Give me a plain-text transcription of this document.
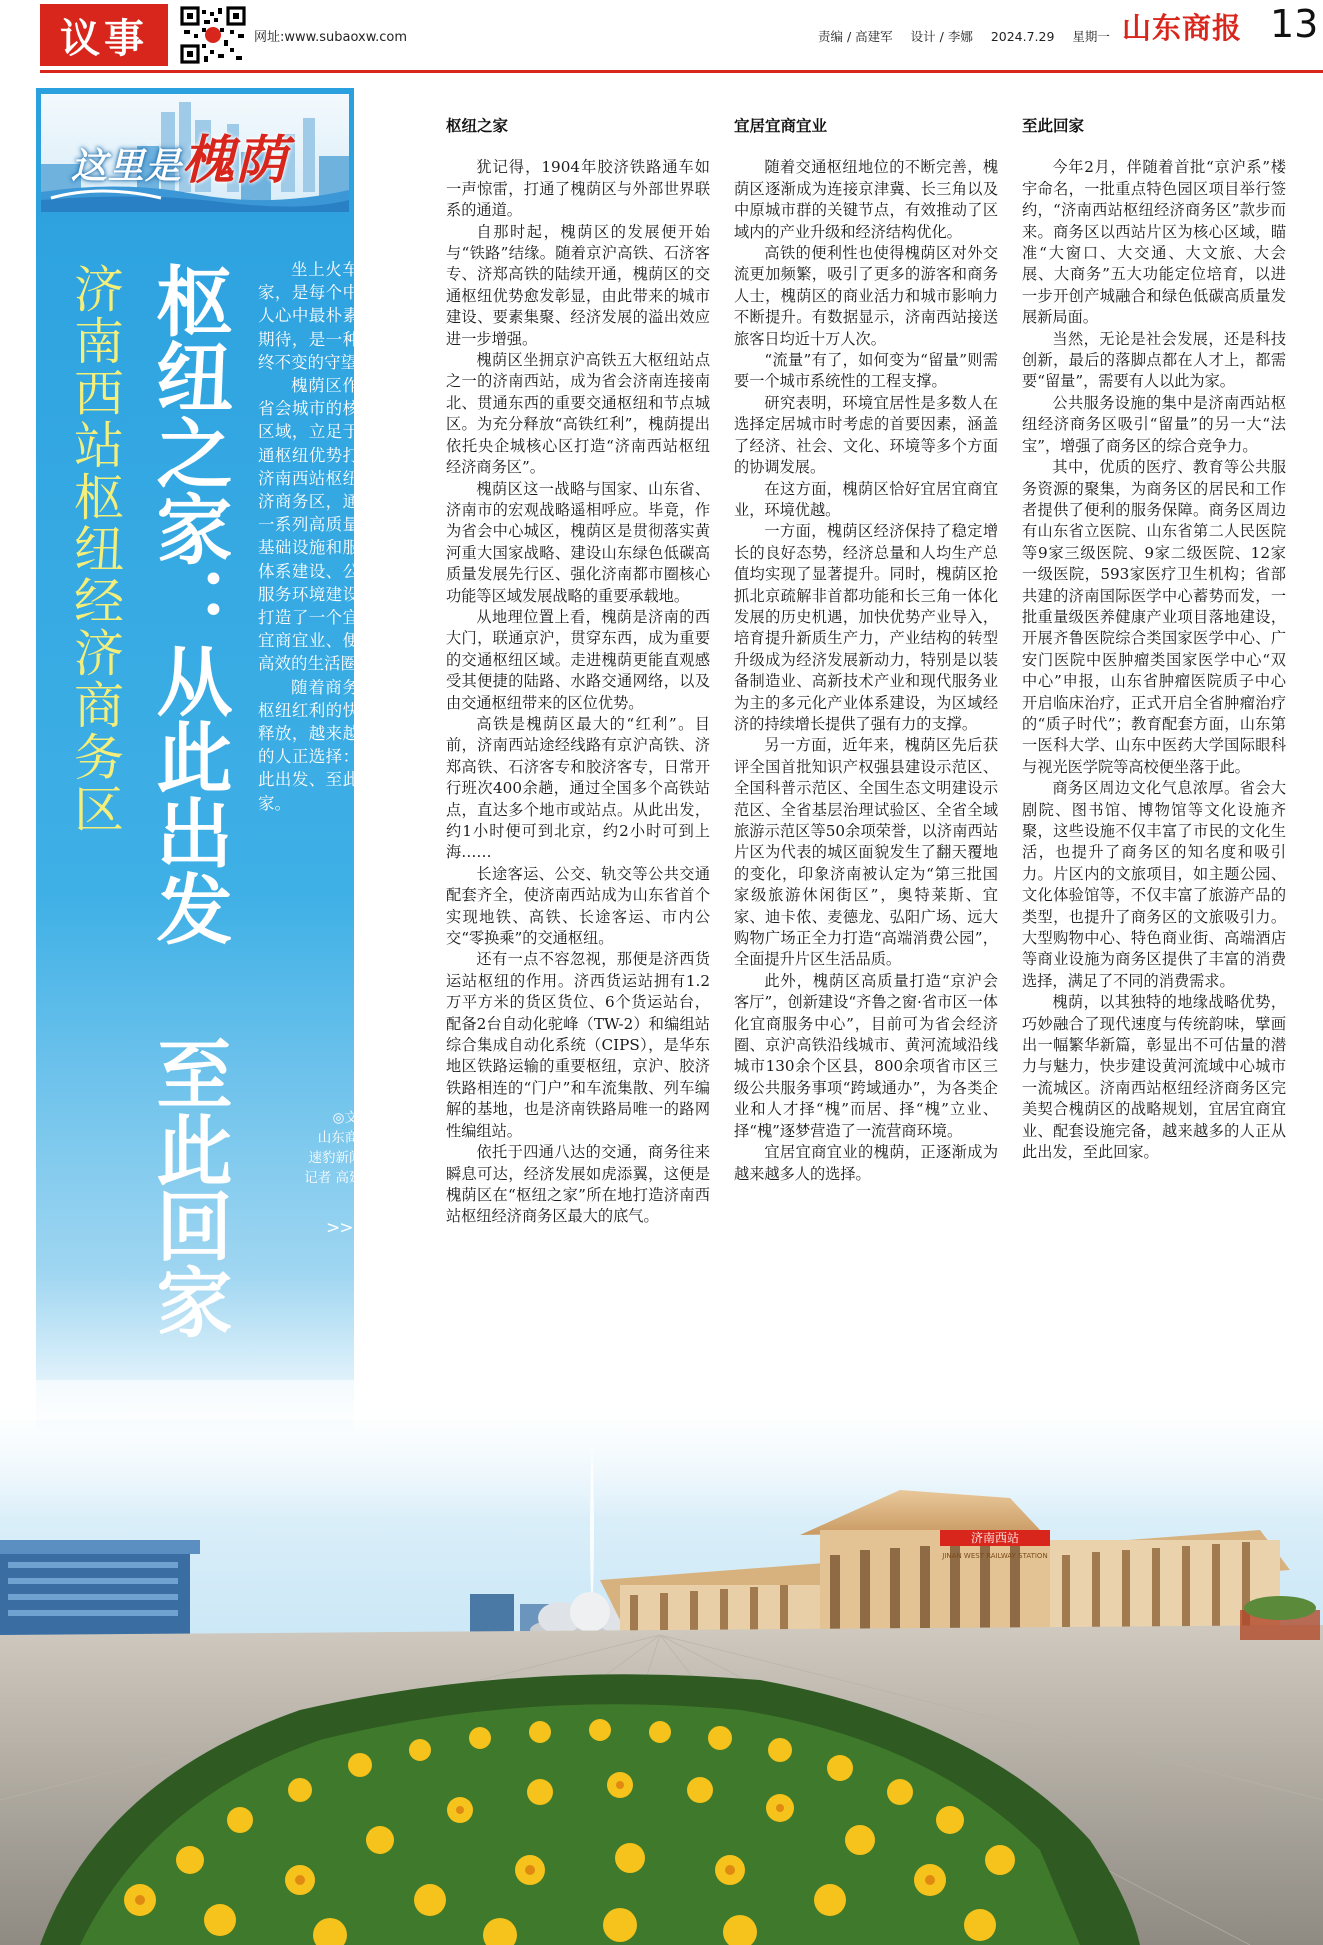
议事	网址:www.subaoxw.com	责编 / 高建军 设计 / 李娜 2024.7.29 星期一 山东商报 13
这里是槐荫
济南西站枢纽经济商务区 枢纽之家：从此出发 至此回家	坐上火车回家，是每个中国人心中最朴素的期待，是一种始终不变的守望。

槐荫区作为省会城市的核心区域，立足于交通枢纽优势打造济南西站枢纽经济商务区，通过一系列高质量的基础设施和服务体系建设、公共服务环境建设，打造了一个宜居宜商宜业、便利高效的生活圈。

随着商务区枢纽红利的快速释放，越来越多的人正选择：从此出发、至此回家。

◎文/图
山东商报·
速豹新闻网
记者 高建军
>>>
枢纽之家

犹记得，1904年胶济铁路通车如一声惊雷，打通了槐荫区与外部世界联系的通道。

自那时起，槐荫区的发展便开始与“铁路”结缘。随着京沪高铁、石济客专、济郑高铁的陆续开通，槐荫区的交通枢纽优势愈发彰显，由此带来的城市建设、要素集聚、经济发展的溢出效应进一步增强。

槐荫区坐拥京沪高铁五大枢纽站点之一的济南西站，成为省会济南连接南北、贯通东西的重要交通枢纽和节点城区。为充分释放“高铁红利”，槐荫提出依托央企城核心区打造“济南西站枢纽经济商务区”。

槐荫区这一战略与国家、山东省、济南市的宏观战略遥相呼应。毕竟，作为省会中心城区，槐荫区是贯彻落实黄河重大国家战略、建设山东绿色低碳高质量发展先行区、强化济南都市圈核心功能等区域发展战略的重要承载地。

从地理位置上看，槐荫是济南的西大门，联通京沪，贯穿东西，成为重要的交通枢纽区域。走进槐荫更能直观感受其便捷的陆路、水路交通网络，以及由交通枢纽带来的区位优势。

高铁是槐荫区最大的“红利”。目前，济南西站途经线路有京沪高铁、济郑高铁、石济客专和胶济客专，日常开行班次400余趟，通过全国多个高铁站点，直达多个地市或站点。从此出发，约1小时便可到北京，约2小时可到上海……

长途客运、公交、轨交等公共交通配套齐全，使济南西站成为山东省首个实现地铁、高铁、长途客运、市内公交“零换乘”的交通枢纽。

还有一点不容忽视，那便是济西货运站枢纽的作用。济西货运站拥有1.2万平方米的货区货位、6个货运站台，配备2台自动化驼峰（TW-2）和编组站综合集成自动化系统（CIPS），是华东地区铁路运输的重要枢纽，京沪、胶济铁路相连的“门户”和车流集散、列车编解的基地，也是济南铁路局唯一的路网性编组站。

依托于四通八达的交通，商务往来瞬息可达，经济发展如虎添翼，这便是槐荫区在“枢纽之家”所在地打造济南西站枢纽经济商务区最大的底气。

宜居宜商宜业

随着交通枢纽地位的不断完善，槐荫区逐渐成为连接京津冀、长三角以及中原城市群的关键节点，有效推动了区域内的产业升级和经济结构优化。

高铁的便利性也使得槐荫区对外交流更加频繁，吸引了更多的游客和商务人士，槐荫区的商业活力和城市影响力不断提升。有数据显示，济南西站接送旅客日均近十万人次。

“流量”有了，如何变为“留量”则需要一个城市系统性的工程支撑。

研究表明，环境宜居性是多数人在选择定居城市时考虑的首要因素，涵盖了经济、社会、文化、环境等多个方面的协调发展。

在这方面，槐荫区恰好宜居宜商宜业，环境优越。

一方面，槐荫区经济保持了稳定增长的良好态势，经济总量和人均生产总值均实现了显著提升。同时，槐荫区抢抓北京疏解非首都功能和长三角一体化发展的历史机遇，加快优势产业导入，培育提升新质生产力，产业结构的转型升级成为经济发展新动力，特别是以装备制造业、高新技术产业和现代服务业为主的多元化产业体系建设，为区域经济的持续增长提供了强有力的支撑。

另一方面，近年来，槐荫区先后获评全国首批知识产权强县建设示范区、全国科普示范区、全国生态文明建设示范区、全省基层治理试验区、全省全域旅游示范区等50余项荣誉，以济南西站片区为代表的城区面貌发生了翻天覆地的变化，印象济南被认定为“第三批国家级旅游休闲街区”，奥特莱斯、宜家、迪卡侬、麦德龙、弘阳广场、远大购物广场正全力打造“高端消费公园”，全面提升片区生活品质。

此外，槐荫区高质量打造“京沪会客厅”，创新建设“齐鲁之窗·省市区一体化宜商服务中心”，目前可为省会经济圈、京沪高铁沿线城市、黄河流域沿线城市130余个区县，800余项省市区三级公共服务事项“跨域通办”，为各类企业和人才择“槐”而居、择“槐”立业、择“槐”逐梦营造了一流营商环境。

宜居宜商宜业的槐荫，正逐渐成为越来越多人的选择。

至此回家

今年2月，伴随着首批“京沪系”楼宇命名，一批重点特色园区项目举行签约，“济南西站枢纽经济商务区”款步而来。商务区以西站片区为核心区域，瞄准“大窗口、大交通、大文旅、大会展、大商务”五大功能定位培育，以进一步开创产城融合和绿色低碳高质量发展新局面。

当然，无论是社会发展，还是科技创新，最后的落脚点都在人才上，都需要“留量”，需要有人以此为家。

公共服务设施的集中是济南西站枢纽经济商务区吸引“留量”的另一大“法宝”，增强了商务区的综合竞争力。

其中，优质的医疗、教育等公共服务资源的聚集，为商务区的居民和工作者提供了便利的服务保障。商务区周边有山东省立医院、山东省第二人民医院等9家三级医院、9家二级医院、12家一级医院，593家医疗卫生机构；省部共建的济南国际医学中心蓄势而发，一批重量级医养健康产业项目落地建设，开展齐鲁医院综合类国家医学中心、广安门医院中医肿瘤类国家医学中心“双中心”申报，山东省肿瘤医院质子中心开启临床治疗，正式开启全省肿瘤治疗的“质子时代”；教育配套方面，山东第一医科大学、山东中医药大学国际眼科与视光医学院等高校便坐落于此。

商务区周边文化气息浓厚。省会大剧院、图书馆、博物馆等文化设施齐聚，这些设施不仅丰富了市民的文化生活，也提升了商务区的知名度和吸引力。片区内的文旅项目，如主题公园、文化体验馆等，不仅丰富了旅游产品的类型，也提升了商务区的文旅吸引力。大型购物中心、特色商业街、高端酒店等商业设施为商务区提供了丰富的消费选择，满足了不同的消费需求。

槐荫，以其独特的地缘战略优势，巧妙融合了现代速度与传统韵味，擘画出一幅繁华新篇，彰显出不可估量的潜力与魅力，快步建设黄河流域中心城市一流城区。济南西站枢纽经济商务区完美契合槐荫区的战略规划，宜居宜商宜业、配套设施完备，越来越多的人正从此出发，至此回家。

济南西站
JINAN WEST RAILWAY STATION
